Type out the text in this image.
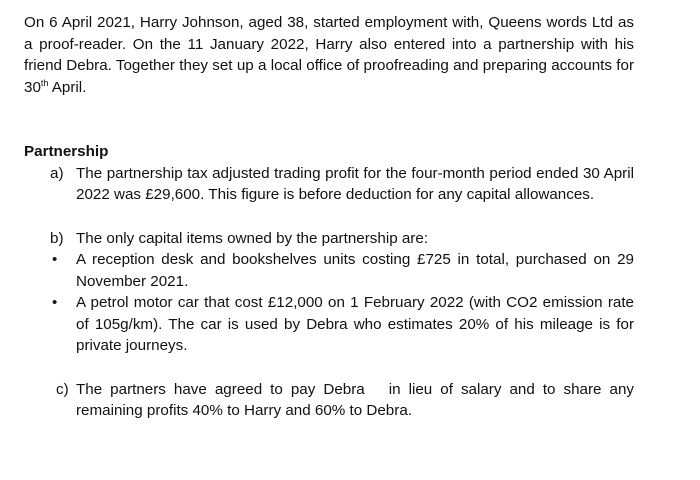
On 6 April 2021, Harry Johnson, aged 38, started employment with, Queens words Ltd as a proof-reader. On the 11 January 2022, Harry also entered into a partnership with his friend Debra. Together they set up a local office of proofreading and preparing accounts for 30th April.

Partnership
a) The partnership tax adjusted trading profit for the four-month period ended 30 April 2022 was £29,600. This figure is before deduction for any capital allowances.
b) The only capital items owned by the partnership are:
• A reception desk and bookshelves units costing £725 in total, purchased on 29 November 2021.
• A petrol motor car that cost £12,000 on 1 February 2022 (with CO2 emission rate of 105g/km). The car is used by Debra who estimates 20% of his mileage is for private journeys.
c) The partners have agreed to pay Debra   in lieu of salary and to share any remaining profits 40% to Harry and 60% to Debra.
